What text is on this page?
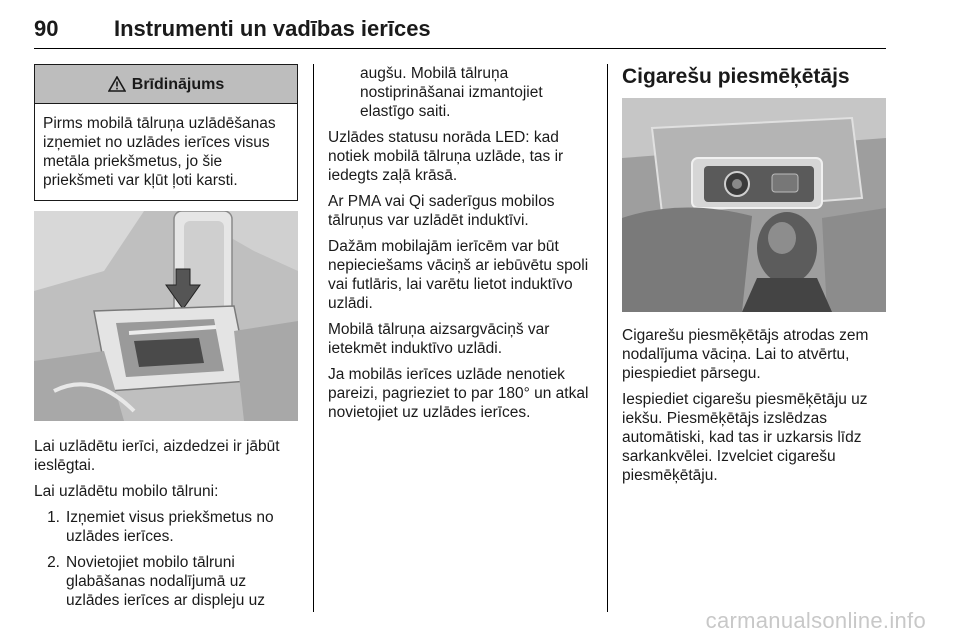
90	Instrumenti un vadības ierīces
Brīdinājums
Pirms mobilā tālruņa uzlādēšanas izņemiet no uzlādes ierīces visus metāla priekšmetus, jo šie priekšmeti var kļūt ļoti karsti.

Lai uzlādētu ierīci, aizdedzei ir jābūt ieslēgtai.

Lai uzlādētu mobilo tālruni:

1. Izņemiet visus priekšmetus no uzlādes ierīces.
2. Novietojiet mobilo tālruni glabāšanas nodalījumā uz uzlādes ierīces ar displeju uz
augšu. Mobilā tālruņa nostiprināšanai izmantojiet elastīgo saiti.

Uzlādes statusu norāda LED: kad notiek mobilā tālruņa uzlāde, tas ir iedegts zaļā krāsā.

Ar PMA vai Qi saderīgus mobilos tālruņus var uzlādēt induktīvi.

Dažām mobilajām ierīcēm var būt nepieciešams vāciņš ar iebūvētu spoli vai futlāris, lai varētu lietot induktīvo uzlādi.

Mobilā tālruņa aizsargvāciņš var ietekmēt induktīvo uzlādi.

Ja mobilās ierīces uzlāde nenotiek pareizi, pagrieziet to par 180° un atkal novietojiet uz uzlādes ierīces.

Cigarešu piesmēķētājs

Cigarešu piesmēķētājs atrodas zem nodalījuma vāciņa. Lai to atvērtu, piespiediet pārsegu.

Iespiediet cigarešu piesmēķētāju uz iekšu. Piesmēķētājs izslēdzas automātiski, kad tas ir uzkarsis līdz sarkankvēlei. Izvelciet cigarešu piesmēķētāju.

carmanualsonline.info
